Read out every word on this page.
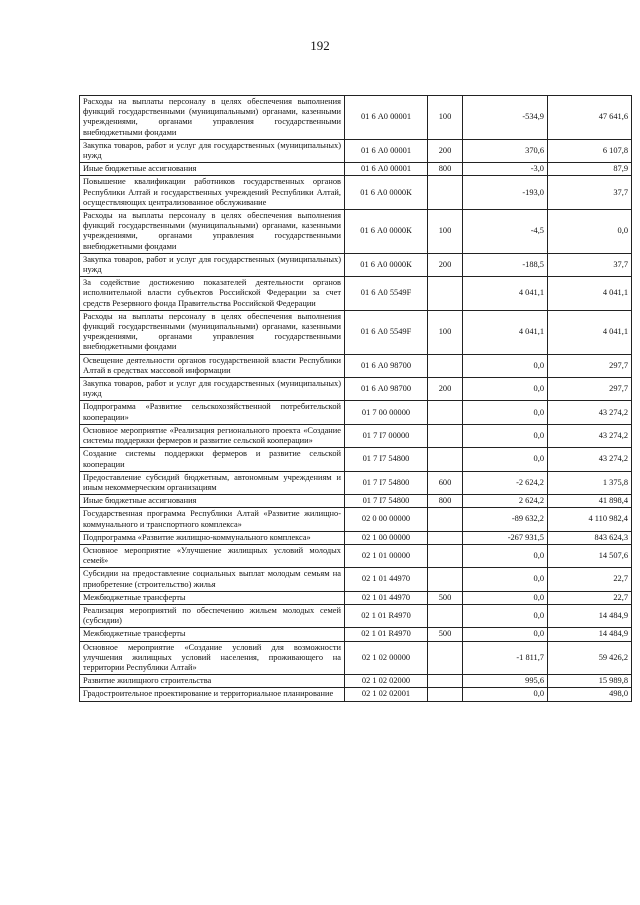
192
Расходы на выплаты персоналу в целях обеспечения выполнения функций государственными (муниципальными) органами, казенными учреждениями, органами управления государственными внебюджетными фондами	01 6 А0 00001	100	-534,9	47 641,6
Закупка товаров, работ и услуг для государственных (муниципальных) нужд	01 6 А0 00001	200	370,6	6 107,8
Иные бюджетные ассигнования	01 6 А0 00001	800	-3,0	87,9
Повышение квалификации работников государственных органов Республики Алтай и государственных учреждений Республики Алтай, осуществляющих централизованное обслуживание	01 6 А0 0000К		-193,0	37,7
Расходы на выплаты персоналу в целях обеспечения выполнения функций государственными (муниципальными) органами, казенными учреждениями, органами управления государственными внебюджетными фондами	01 6 А0 0000К	100	-4,5	0,0
Закупка товаров, работ и услуг для государственных (муниципальных) нужд	01 6 А0 0000К	200	-188,5	37,7
За содействие достижению показателей деятельности органов исполнительной власти субъектов Российской Федерации за счет средств Резервного фонда Правительства Российской Федерации	01 6 А0 5549F		4 041,1	4 041,1
Расходы на выплаты персоналу в целях обеспечения выполнения функций государственными (муниципальными) органами, казенными учреждениями, органами управления государственными внебюджетными фондами	01 6 А0 5549F	100	4 041,1	4 041,1
Освещение деятельности органов государственной власти Республики Алтай в средствах массовой информации	01 6 А0 98700		0,0	297,7
Закупка товаров, работ и услуг для государственных (муниципальных) нужд	01 6 А0 98700	200	0,0	297,7
Подпрограмма «Развитие сельскохозяйственной потребительской кооперации»	01 7 00 00000		0,0	43 274,2
Основное мероприятие «Реализация регионального проекта «Создание системы поддержки фермеров и развитие сельской кооперации»	01 7 I7 00000		0,0	43 274,2
Создание системы поддержки фермеров и развитие сельской кооперации	01 7 I7 54800		0,0	43 274,2
Предоставление субсидий бюджетным, автономным учреждениям и иным некоммерческим организациям	01 7 I7 54800	600	-2 624,2	1 375,8
Иные бюджетные ассигнования	01 7 I7 54800	800	2 624,2	41 898,4
Государственная программа Республики Алтай «Развитие жилищно-коммунального и транспортного комплекса»	02 0 00 00000		-89 632,2	4 110 982,4
Подпрограмма «Развитие жилищно-коммунального комплекса»	02 1 00 00000		-267 931,5	843 624,3
Основное мероприятие «Улучшение жилищных условий молодых семей»	02 1 01 00000		0,0	14 507,6
Субсидии на предоставление социальных выплат молодым семьям на приобретение (строительство) жилья	02 1 01 44970		0,0	22,7
Межбюджетные трансферты	02 1 01 44970	500	0,0	22,7
Реализация мероприятий по обеспечению жильем молодых семей (субсидии)	02 1 01 R4970		0,0	14 484,9
Межбюджетные трансферты	02 1 01 R4970	500	0,0	14 484,9
Основное мероприятие «Создание условий для возможности улучшения жилищных условий населения, проживающего на территории Республики Алтай»	02 1 02 00000		-1 811,7	59 426,2
Развитие жилищного строительства	02 1 02 02000		995,6	15 989,8
Градостроительное проектирование и территориальное планирование	02 1 02 02001		0,0	498,0
